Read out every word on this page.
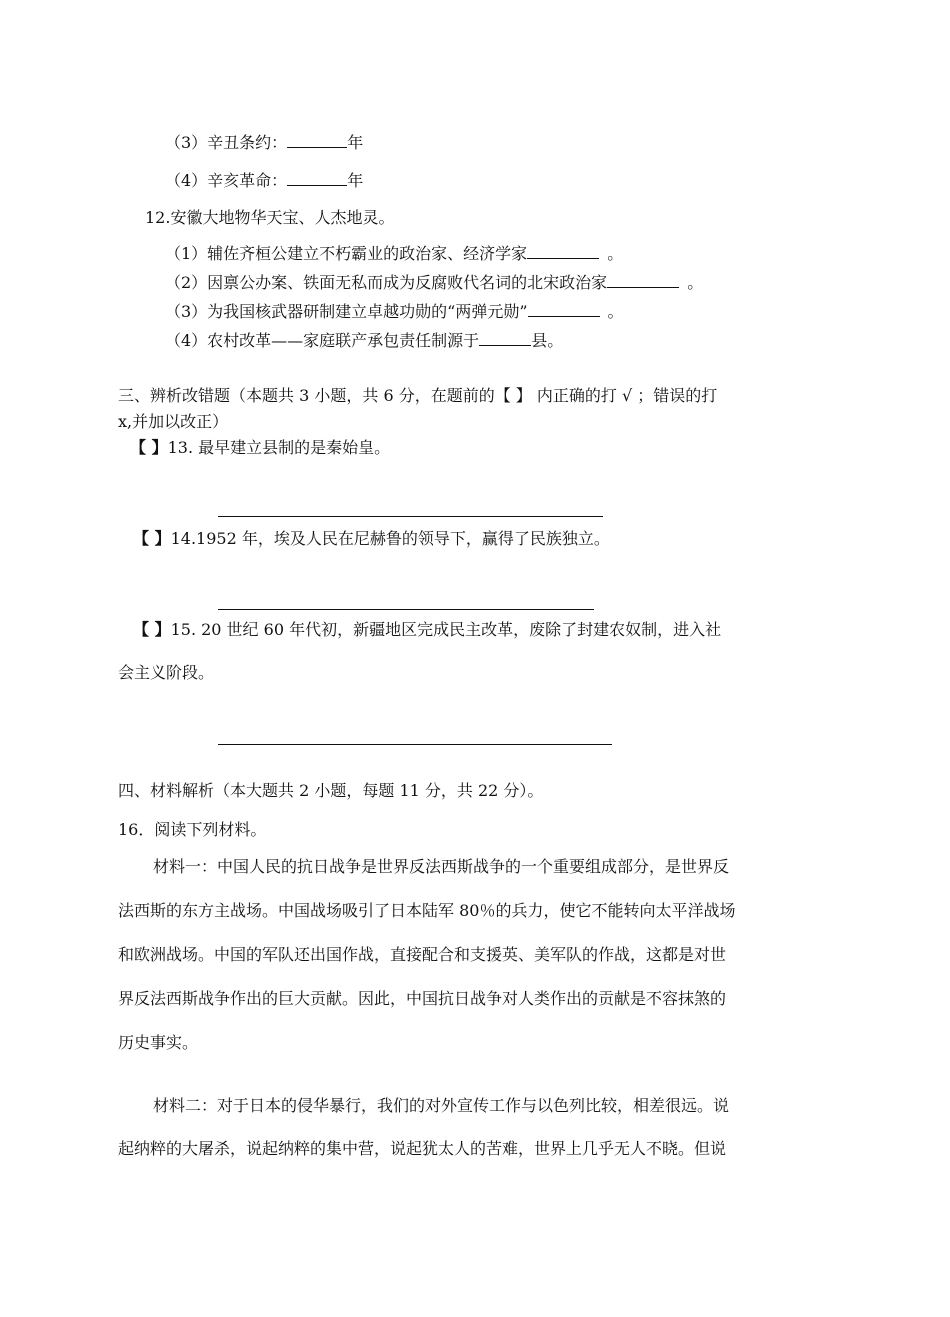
（3）辛丑条约：	年
（4）辛亥革命：	年
12.安徽大地物华天宝、人杰地灵。
（1）辅佐齐桓公建立不朽霸业的政治家、经济学家	。
（2）因禀公办案、铁面无私而成为反腐败代名词的北宋政治家	。
（3）为我国核武器研制建立卓越功勋的“两弹元勋”	。
（4）农村改革——家庭联产承包责任制源于	县。
三、辨析改错题（本题共 3 小题，共 6 分，在题前的【 】 内正确的打 √ ；错误的打
x,并加以改正）
【 】13. 最早建立县制的是秦始皇。
【 】14.1952 年，埃及人民在尼赫鲁的领导下，赢得了民族独立。
【 】15. 20 世纪 60 年代初，新疆地区完成民主改革，废除了封建农奴制，进入社
会主义阶段。
四、材料解析（本大题共 2 小题，每题 11 分，共 22 分）。
16．阅读下列材料。
材料一：中国人民的抗日战争是世界反法西斯战争的一个重要组成部分，是世界反
法西斯的东方主战场。中国战场吸引了日本陆军 80％的兵力，使它不能转向太平洋战场
和欧洲战场。中国的军队还出国作战，直接配合和支援英、美军队的作战，这都是对世
界反法西斯战争作出的巨大贡献。因此，中国抗日战争对人类作出的贡献是不容抹煞的
历史事实。
材料二：对于日本的侵华暴行，我们的对外宣传工作与以色列比较，相差很远。说
起纳粹的大屠杀，说起纳粹的集中营，说起犹太人的苦难，世界上几乎无人不晓。但说
